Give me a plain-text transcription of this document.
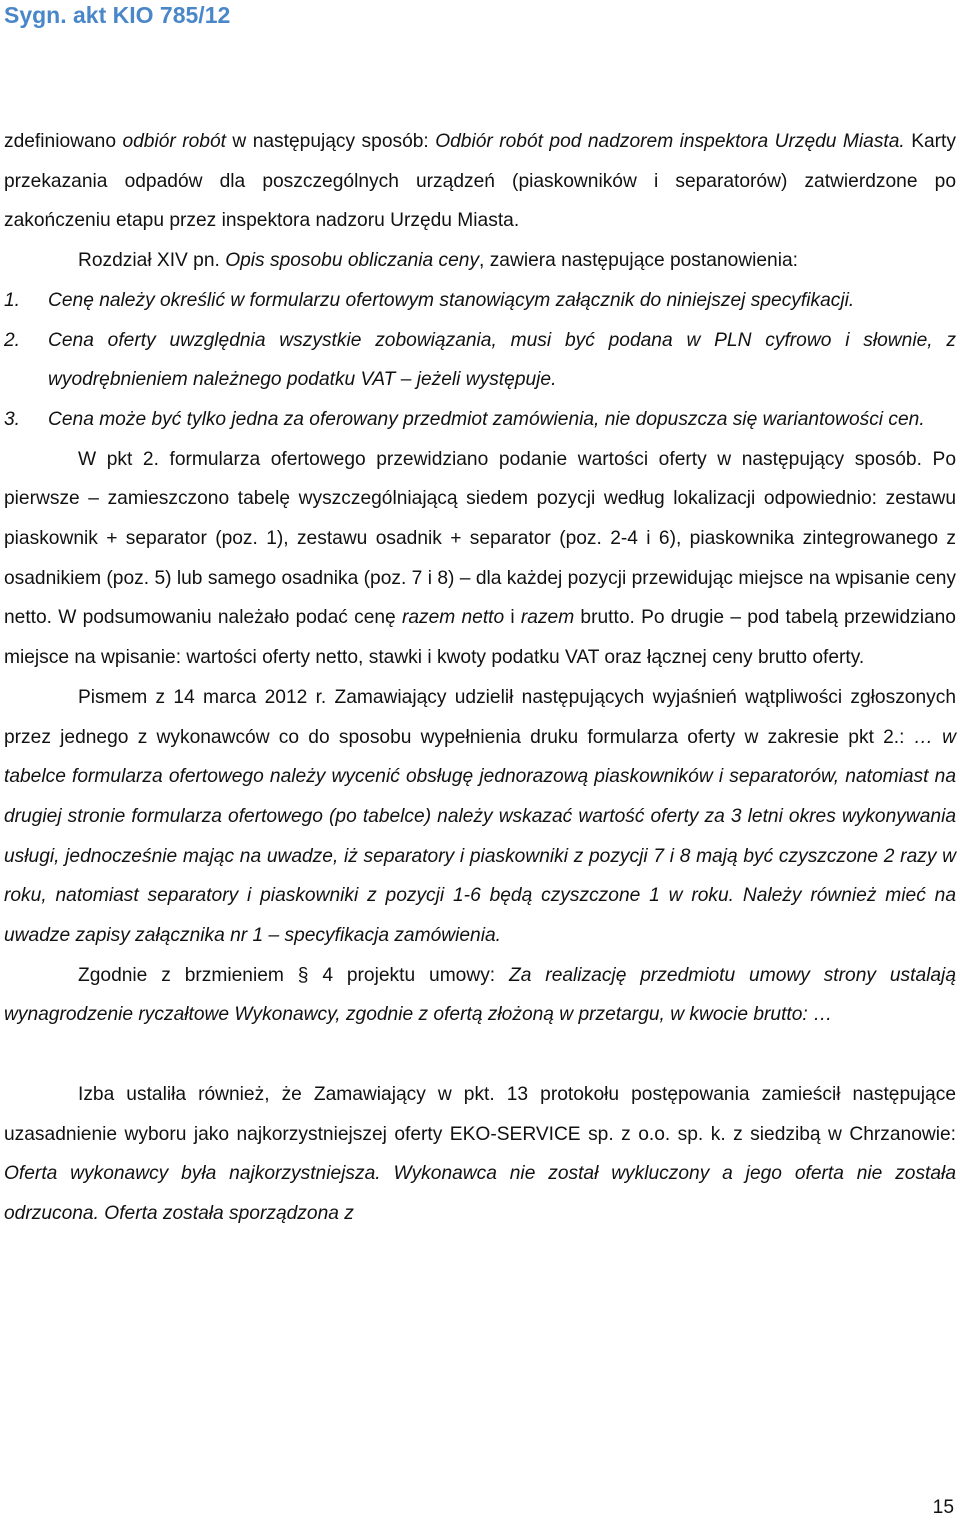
Sygn. akt KIO 785/12

zdefiniowano odbiór robót w następujący sposób: Odbiór robót pod nadzorem inspektora Urzędu Miasta. Karty przekazania odpadów dla poszczególnych urządzeń (piaskowników i separatorów) zatwierdzone po zakończeniu etapu przez inspektora nadzoru Urzędu Miasta.

Rozdział XIV pn. Opis sposobu obliczania ceny, zawiera następujące postanowienia:

1. Cenę należy określić w formularzu ofertowym stanowiącym załącznik do niniejszej specyfikacji.

2. Cena oferty uwzględnia wszystkie zobowiązania, musi być podana w PLN cyfrowo i słownie, z wyodrębnieniem należnego podatku VAT – jeżeli występuje.

3. Cena może być tylko jedna za oferowany przedmiot zamówienia, nie dopuszcza się wariantowości cen.

W pkt 2. formularza ofertowego przewidziano podanie wartości oferty w następujący sposób. Po pierwsze – zamieszczono tabelę wyszczególniającą siedem pozycji według lokalizacji odpowiednio: zestawu piaskownik + separator (poz. 1), zestawu osadnik + separator (poz. 2-4 i 6), piaskownika zintegrowanego z osadnikiem (poz. 5) lub samego osadnika (poz. 7 i 8) – dla każdej pozycji przewidując miejsce na wpisanie ceny netto. W podsumowaniu należało podać cenę razem netto i razem brutto. Po drugie – pod tabelą przewidziano miejsce na wpisanie: wartości oferty netto, stawki i kwoty podatku VAT oraz łącznej ceny brutto oferty.

Pismem z 14 marca 2012 r. Zamawiający udzielił następujących wyjaśnień wątpliwości zgłoszonych przez jednego z wykonawców co do sposobu wypełnienia druku formularza oferty w zakresie pkt 2.: … w tabelce formularza ofertowego należy wycenić obsługę jednorazową piaskowników i separatorów, natomiast na drugiej stronie formularza ofertowego (po tabelce) należy wskazać wartość oferty za 3 letni okres wykonywania usługi, jednocześnie mając na uwadze, iż separatory i piaskowniki z pozycji 7 i 8 mają być czyszczone 2 razy w roku, natomiast separatory i piaskowniki z pozycji 1-6 będą czyszczone 1 w roku. Należy również mieć na uwadze zapisy załącznika nr 1 – specyfikacja zamówienia.

Zgodnie z brzmieniem § 4 projektu umowy: Za realizację przedmiotu umowy strony ustalają wynagrodzenie ryczałtowe Wykonawcy, zgodnie z ofertą złożoną w przetargu, w kwocie brutto: …

Izba ustaliła również, że Zamawiający w pkt. 13 protokołu postępowania zamieścił następujące uzasadnienie wyboru jako najkorzystniejszej oferty EKO-SERVICE sp. z o.o. sp. k. z siedzibą w Chrzanowie: Oferta wykonawcy była najkorzystniejsza. Wykonawca nie został wykluczony a jego oferta nie została odrzucona. Oferta została sporządzona z

15
